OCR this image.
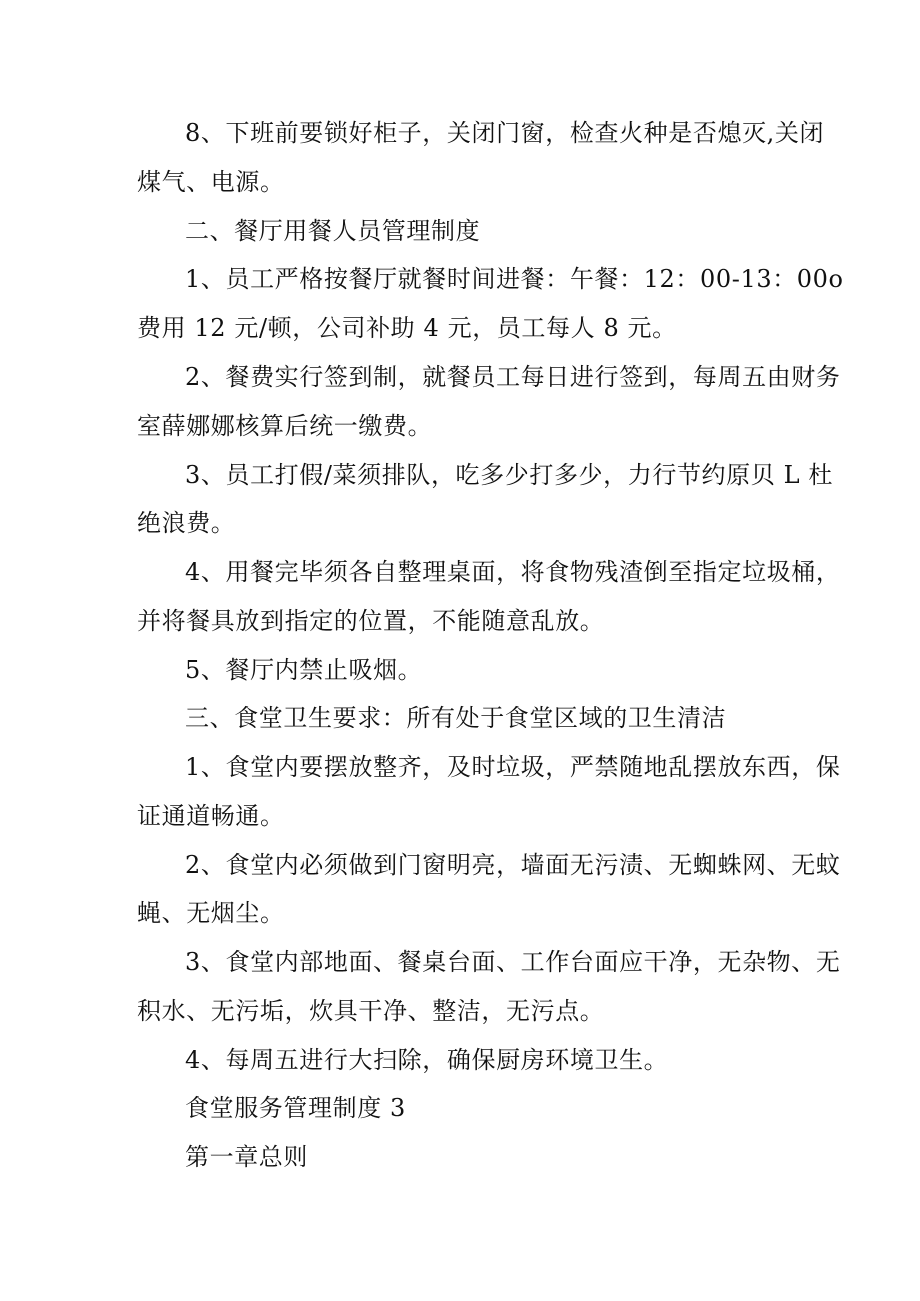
8、下班前要锁好柜子，关闭门窗，检查火种是否熄灭,关闭
煤气、电源。
二、餐厅用餐人员管理制度
1、员工严格按餐厅就餐时间进餐：午餐：12：00-13：00o
费用 12 元/顿，公司补助 4 元，员工每人 8 元。
2、餐费实行签到制，就餐员工每日进行签到，每周五由财务
室薛娜娜核算后统一缴费。
3、员工打假/菜须排队，吃多少打多少，力行节约原贝 L 杜
绝浪费。
4、用餐完毕须各自整理桌面，将食物残渣倒至指定垃圾桶，
并将餐具放到指定的位置，不能随意乱放。
5、餐厅内禁止吸烟。
三、食堂卫生要求：所有处于食堂区域的卫生清洁
1、食堂内要摆放整齐，及时垃圾，严禁随地乱摆放东西，保
证通道畅通。
2、食堂内必须做到门窗明亮，墙面无污渍、无蜘蛛网、无蚊
蝇、无烟尘。
3、食堂内部地面、餐桌台面、工作台面应干净，无杂物、无
积水、无污垢，炊具干净、整洁，无污点。
4、每周五进行大扫除，确保厨房环境卫生。
食堂服务管理制度 3
第一章总则
